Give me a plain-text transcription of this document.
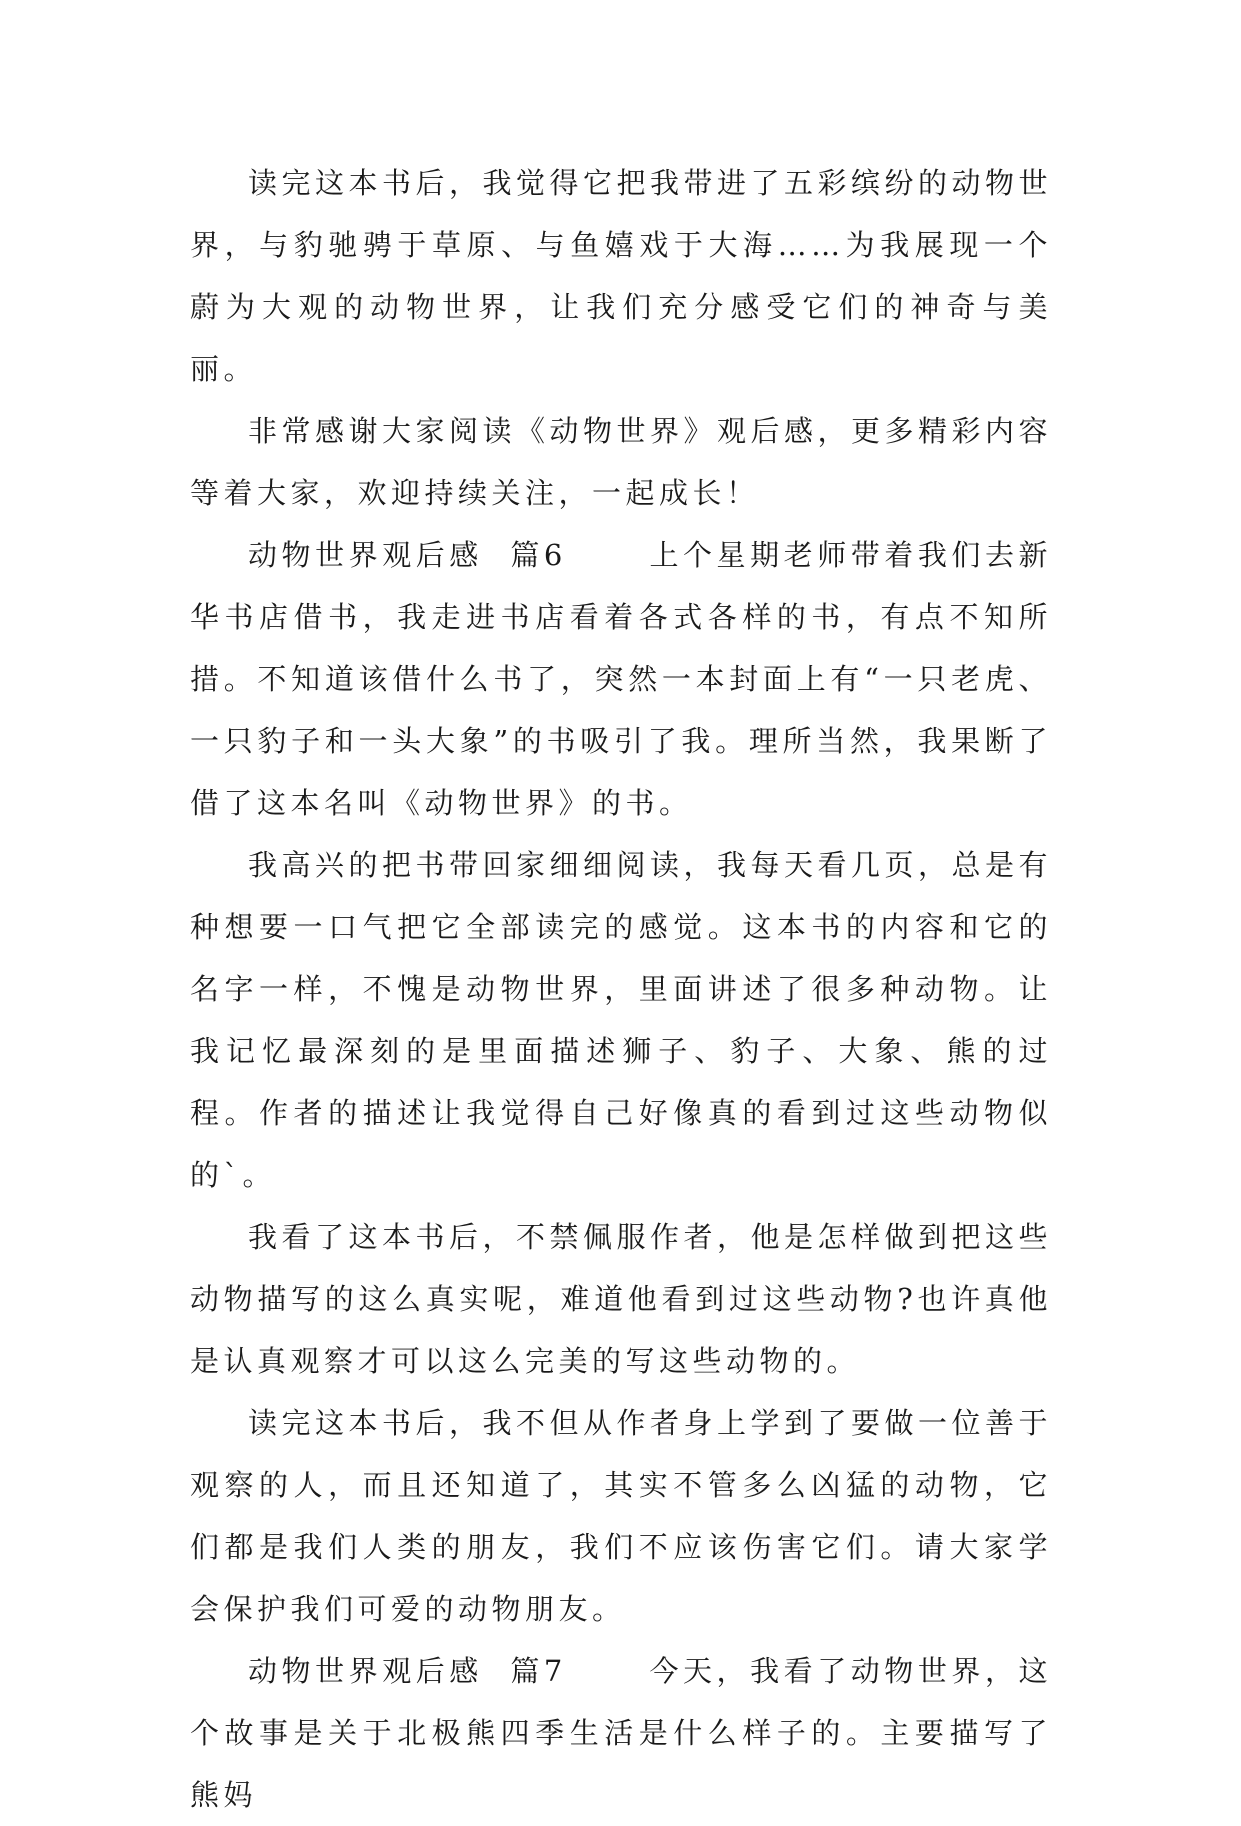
读完这本书后，我觉得它把我带进了五彩缤纷的动物世界，与豹驰骋于草原、与鱼嬉戏于大海……为我展现一个蔚为大观的动物世界，让我们充分感受它们的神奇与美丽。

非常感谢大家阅读《动物世界》观后感，更多精彩内容等着大家，欢迎持续关注，一起成长！

动物世界观后感  篇6      上个星期老师带着我们去新华书店借书，我走进书店看着各式各样的书，有点不知所措。不知道该借什么书了，突然一本封面上有“一只老虎、一只豹子和一头大象”的书吸引了我。理所当然，我果断了借了这本名叫《动物世界》的书。

我高兴的把书带回家细细阅读，我每天看几页，总是有种想要一口气把它全部读完的感觉。这本书的内容和它的名字一样，不愧是动物世界，里面讲述了很多种动物。让我记忆最深刻的是里面描述狮子、豹子、大象、熊的过程。作者的描述让我觉得自己好像真的看到过这些动物似的`。

我看了这本书后，不禁佩服作者，他是怎样做到把这些动物描写的这么真实呢，难道他看到过这些动物?也许真他是认真观察才可以这么完美的写这些动物的。

读完这本书后，我不但从作者身上学到了要做一位善于观察的人，而且还知道了，其实不管多么凶猛的动物，它们都是我们人类的朋友，我们不应该伤害它们。请大家学会保护我们可爱的动物朋友。

动物世界观后感  篇7      今天，我看了动物世界，这个故事是关于北极熊四季生活是什么样子的。主要描写了熊妈
